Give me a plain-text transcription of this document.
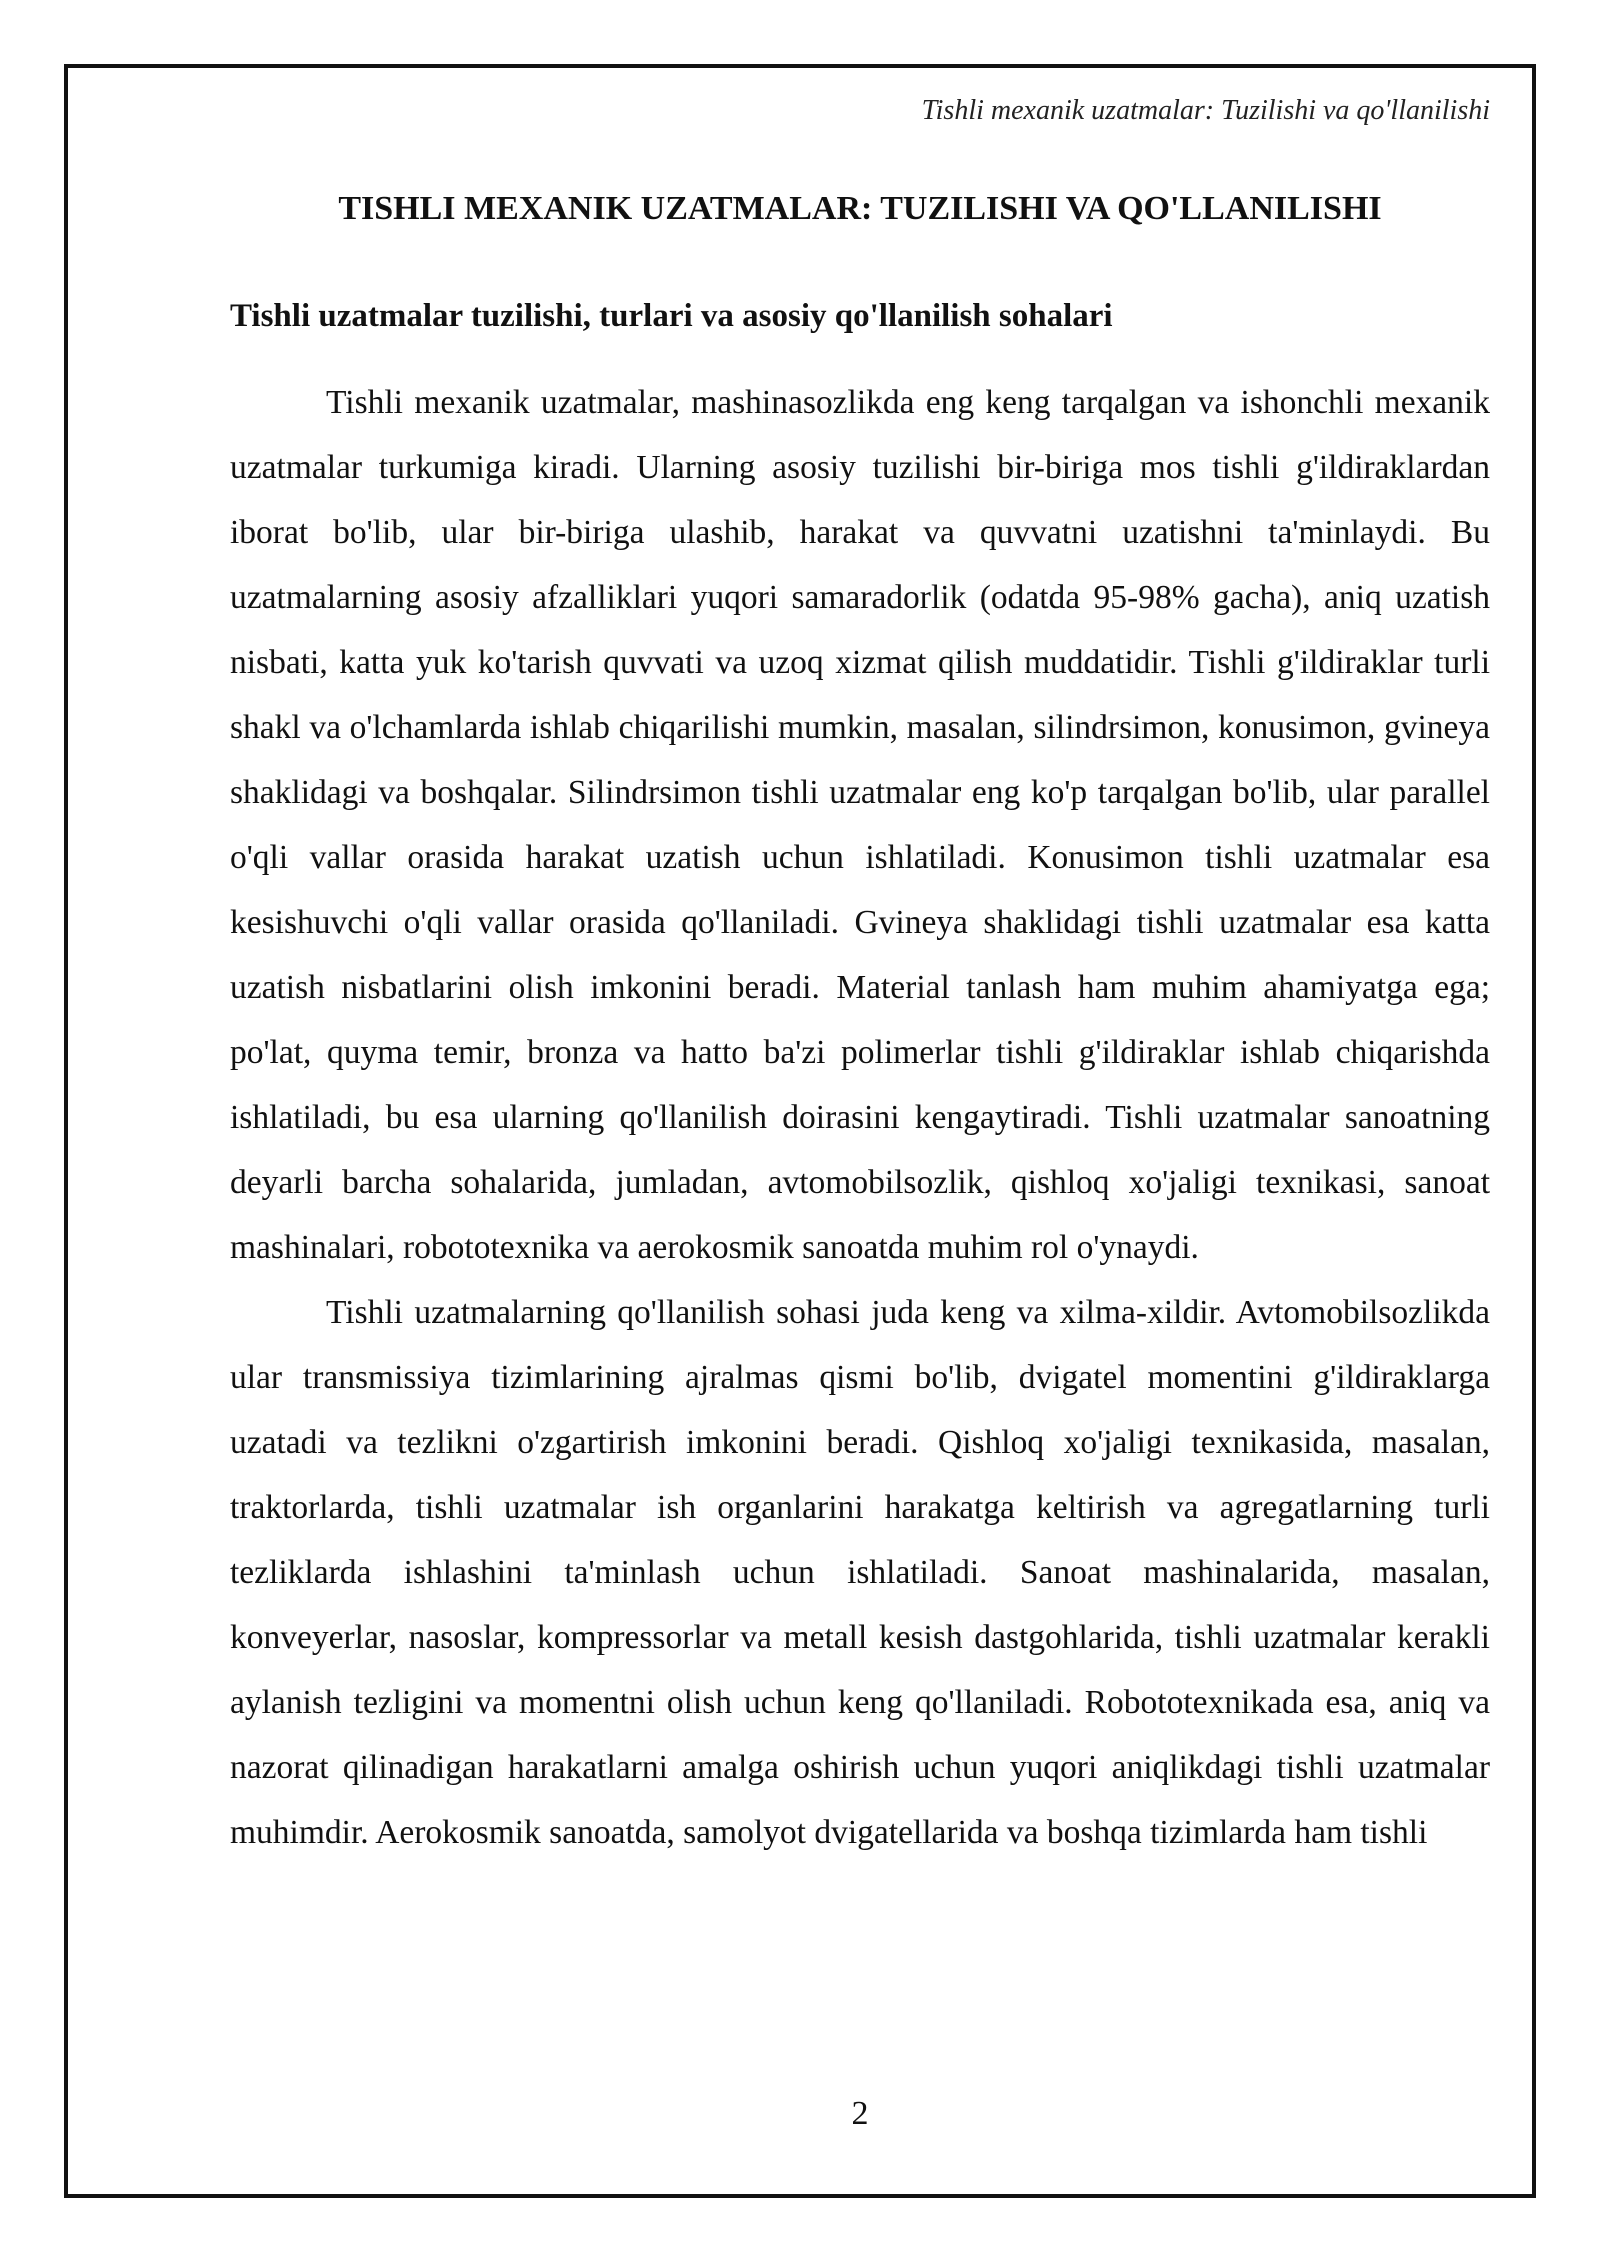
Tishli mexanik uzatmalar: Tuzilishi va qo'llanilishi
TISHLI MEXANIK UZATMALAR: TUZILISHI VA QO'LLANILISHI
Tishli uzatmalar tuzilishi, turlari va asosiy qo'llanilish sohalari

Tishli mexanik uzatmalar, mashinasozlikda eng keng tarqalgan va ishonchli mexanik uzatmalar turkumiga kiradi. Ularning asosiy tuzilishi bir-biriga mos tishli g'ildiraklardan iborat bo'lib, ular bir-biriga ulashib, harakat va quvvatni uzatishni ta'minlaydi. Bu uzatmalarning asosiy afzalliklari yuqori samaradorlik (odatda 95-98% gacha), aniq uzatish nisbati, katta yuk ko'tarish quvvati va uzoq xizmat qilish muddatidir. Tishli g'ildiraklar turli shakl va o'lchamlarda ishlab chiqarilishi mumkin, masalan, silindrsimon, konusimon, gvineya shaklidagi va boshqalar. Silindrsimon tishli uzatmalar eng ko'p tarqalgan bo'lib, ular parallel o'qli vallar orasida harakat uzatish uchun ishlatiladi. Konusimon tishli uzatmalar esa kesishuvchi o'qli vallar orasida qo'llaniladi. Gvineya shaklidagi tishli uzatmalar esa katta uzatish nisbatlarini olish imkonini beradi. Material tanlash ham muhim ahamiyatga ega; po'lat, quyma temir, bronza va hatto ba'zi polimerlar tishli g'ildiraklar ishlab chiqarishda ishlatiladi, bu esa ularning qo'llanilish doirasini kengaytiradi. Tishli uzatmalar sanoatning deyarli barcha sohalarida, jumladan, avtomobilsozlik, qishloq xo'jaligi texnikasi, sanoat mashinalari, robototexnika va aerokosmik sanoatda muhim rol o'ynaydi.

Tishli uzatmalarning qo'llanilish sohasi juda keng va xilma-xildir. Avtomobilsozlikda ular transmissiya tizimlarining ajralmas qismi bo'lib, dvigatel momentini g'ildiraklarga uzatadi va tezlikni o'zgartirish imkonini beradi. Qishloq xo'jaligi texnikasida, masalan, traktorlarda, tishli uzatmalar ish organlarini harakatga keltirish va agregatlarning turli tezliklarda ishlashini ta'minlash uchun ishlatiladi. Sanoat mashinalarida, masalan, konveyerlar, nasoslar, kompressorlar va metall kesish dastgohlarida, tishli uzatmalar kerakli aylanish tezligini va momentni olish uchun keng qo'llaniladi. Robototexnikada esa, aniq va nazorat qilinadigan harakatlarni amalga oshirish uchun yuqori aniqlikdagi tishli uzatmalar muhimdir. Aerokosmik sanoatda, samolyot dvigatellarida va boshqa tizimlarda ham tishli

2
